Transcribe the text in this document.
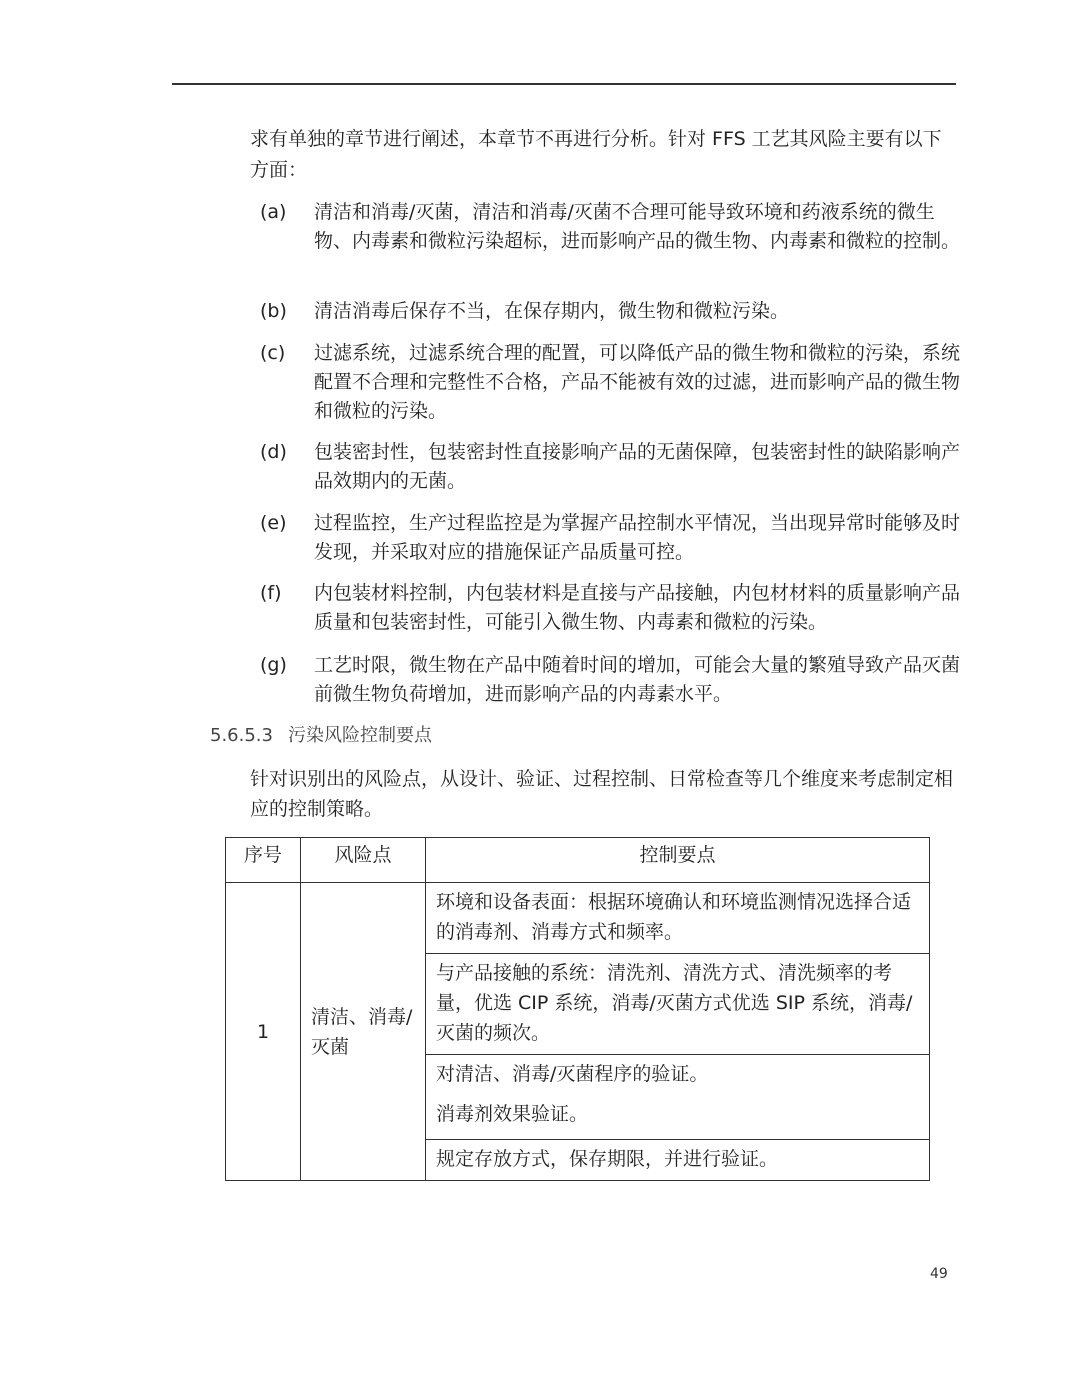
求有单独的章节进行阐述，本章节不再进行分析。针对 FFS 工艺其风险主要有以下方面：
(a) 清洁和消毒/灭菌，清洁和消毒/灭菌不合理可能导致环境和药液系统的微生物、内毒素和微粒污染超标，进而影响产品的微生物、内毒素和微粒的控制。
(b) 清洁消毒后保存不当，在保存期内，微生物和微粒污染。
(c) 过滤系统，过滤系统合理的配置，可以降低产品的微生物和微粒的污染，系统配置不合理和完整性不合格，产品不能被有效的过滤，进而影响产品的微生物和微粒的污染。
(d) 包装密封性，包装密封性直接影响产品的无菌保障，包装密封性的缺陷影响产品效期内的无菌。
(e) 过程监控，生产过程监控是为掌握产品控制水平情况，当出现异常时能够及时发现，并采取对应的措施保证产品质量可控。
(f) 内包装材料控制，内包装材料是直接与产品接触，内包材材料的质量影响产品质量和包装密封性，可能引入微生物、内毒素和微粒的污染。
(g) 工艺时限，微生物在产品中随着时间的增加，可能会大量的繁殖导致产品灭菌前微生物负荷增加，进而影响产品的内毒素水平。
5.6.5.3 污染风险控制要点
针对识别出的风险点，从设计、验证、过程控制、日常检查等几个维度来考虑制定相应的控制策略。
序号	风险点	控制要点
1	清洁、消毒/灭菌	环境和设备表面：根据环境确认和环境监测情况选择合适的消毒剂、消毒方式和频率。

		与产品接触的系统：清洗剂、清洗方式、清洗频率的考量，优选 CIP 系统，消毒/灭菌方式优选 SIP 系统，消毒/灭菌的频次。

		对清洁、消毒/灭菌程序的验证。

消毒剂效果验证。

		规定存放方式，保存期限，并进行验证。

49
